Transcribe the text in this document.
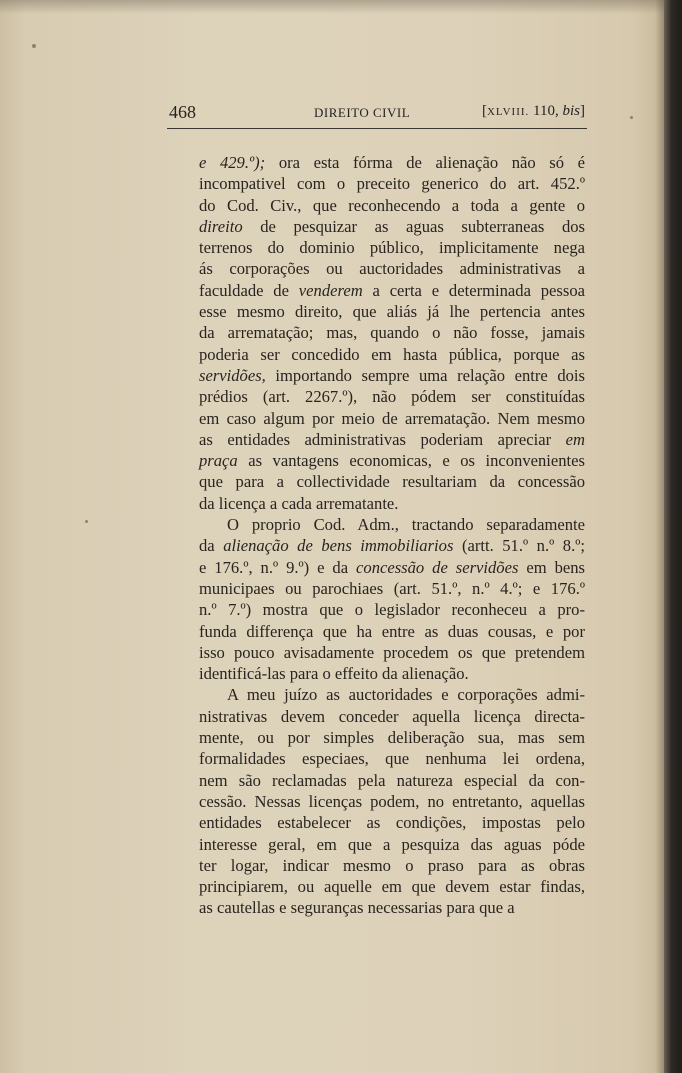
468	DIREITO CIVIL	[XLVIII. 110, bis]

e 429.º); ora esta fórma de alienação não só é

incompativel com o preceito generico do art. 452.º

do Cod. Civ., que reconhecendo a toda a gente o

direito de pesquizar as aguas subterraneas dos

terrenos do dominio público, implicitamente nega

ás corporações ou auctoridades administrativas a

faculdade de venderem a certa e determinada pessoa

esse mesmo direito, que aliás já lhe pertencia antes

da arrematação; mas, quando o não fosse, jamais

poderia ser concedido em hasta pública, porque as

servidões, importando sempre uma relação entre dois

prédios (art. 2267.º), não pódem ser constituídas

em caso algum por meio de arrematação. Nem mesmo

as entidades administrativas poderiam apreciar em

praça as vantagens economicas, e os inconvenientes

que para a collectividade resultariam da concessão

da licença a cada arrematante.

O proprio Cod. Adm., tractando separadamente

da alienação de bens immobiliarios (artt. 51.º n.º 8.º;

e 176.º, n.º 9.º) e da concessão de servidões em bens

municipaes ou parochiaes (art. 51.º, n.º 4.º; e 176.º

n.º 7.º) mostra que o legislador reconheceu a pro-

funda differença que ha entre as duas cousas, e por

isso pouco avisadamente procedem os que pretendem

identificá-las para o effeito da alienação.

A meu juízo as auctoridades e corporações admi-

nistrativas devem conceder aquella licença directa-

mente, ou por simples deliberação sua, mas sem

formalidades especiaes, que nenhuma lei ordena,

nem são reclamadas pela natureza especial da con-

cessão. Nessas licenças podem, no entretanto, aquellas

entidades estabelecer as condições, impostas pelo

interesse geral, em que a pesquiza das aguas póde

ter logar, indicar mesmo o praso para as obras

principiarem, ou aquelle em que devem estar findas,

as cautellas e seguranças necessarias para que a
